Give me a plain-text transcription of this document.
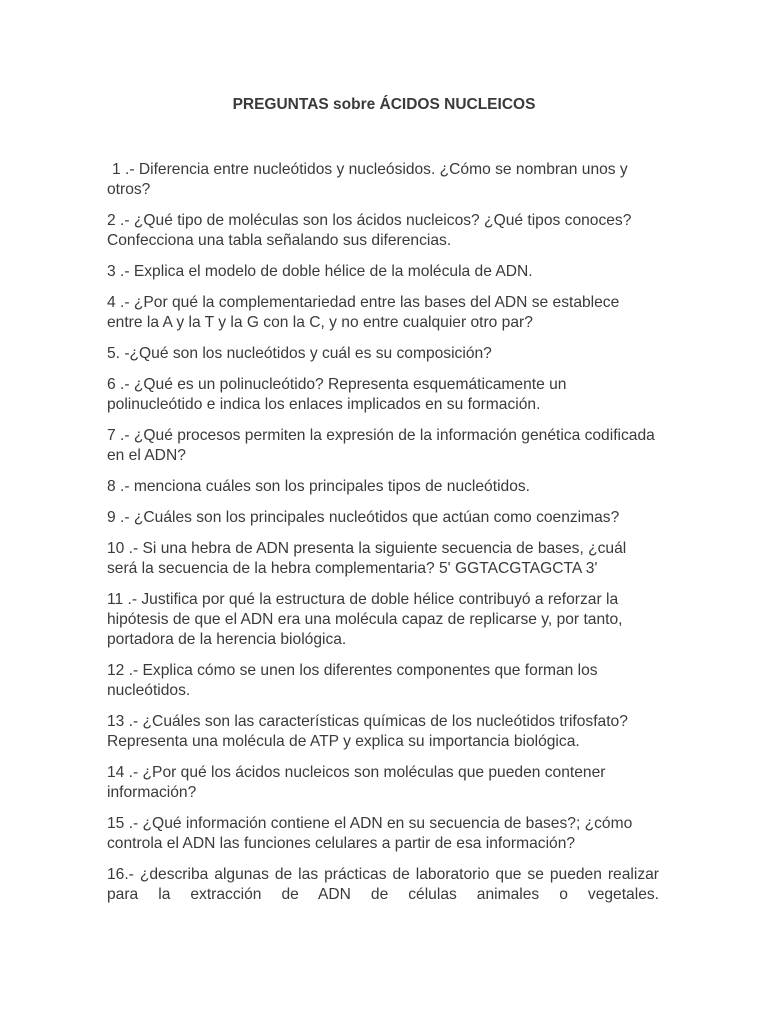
PREGUNTAS sobre ÁCIDOS NUCLEICOS
1 .- Diferencia entre nucleótidos y nucleósidos. ¿Cómo se nombran unos y otros?
2 .- ¿Qué tipo de moléculas son los ácidos nucleicos? ¿Qué tipos conoces? Confecciona una tabla señalando sus diferencias.
3 .- Explica el modelo de doble hélice de la molécula de ADN.
4 .- ¿Por qué la complementariedad entre las bases del ADN se establece entre la A y la T y la G con la C, y no entre cualquier otro par?
5. -¿Qué son los nucleótidos y cuál es su composición?
6 .- ¿Qué es un polinucleótido? Representa esquemáticamente un polinucleótido e indica los enlaces implicados en su formación.
7 .- ¿Qué procesos permiten la expresión de la información genética codificada en el ADN?
8 .- menciona cuáles son los principales tipos de nucleótidos.
9 .- ¿Cuáles son los principales nucleótidos que actúan como coenzimas?
10 .- Si una hebra de ADN presenta la siguiente secuencia de bases, ¿cuál será la secuencia de la hebra complementaria? 5' GGTACGTAGCTA 3'
11 .- Justifica por qué la estructura de doble hélice contribuyó a reforzar la hipótesis de que el ADN era una molécula capaz de replicarse y, por tanto, portadora de la herencia biológica.
12 .- Explica cómo se unen los diferentes componentes que forman los nucleótidos.
13 .- ¿Cuáles son las características químicas de los nucleótidos trifosfato? Representa una molécula de ATP y explica su importancia biológica.
14 .- ¿Por qué los ácidos nucleicos son moléculas que pueden contener información?
15 .- ¿Qué información contiene el ADN en su secuencia de bases?; ¿cómo controla el ADN las funciones celulares a partir de esa información?
16.- ¿describa algunas de las prácticas de laboratorio que se pueden realizar para la extracción de ADN de células animales o vegetales.
